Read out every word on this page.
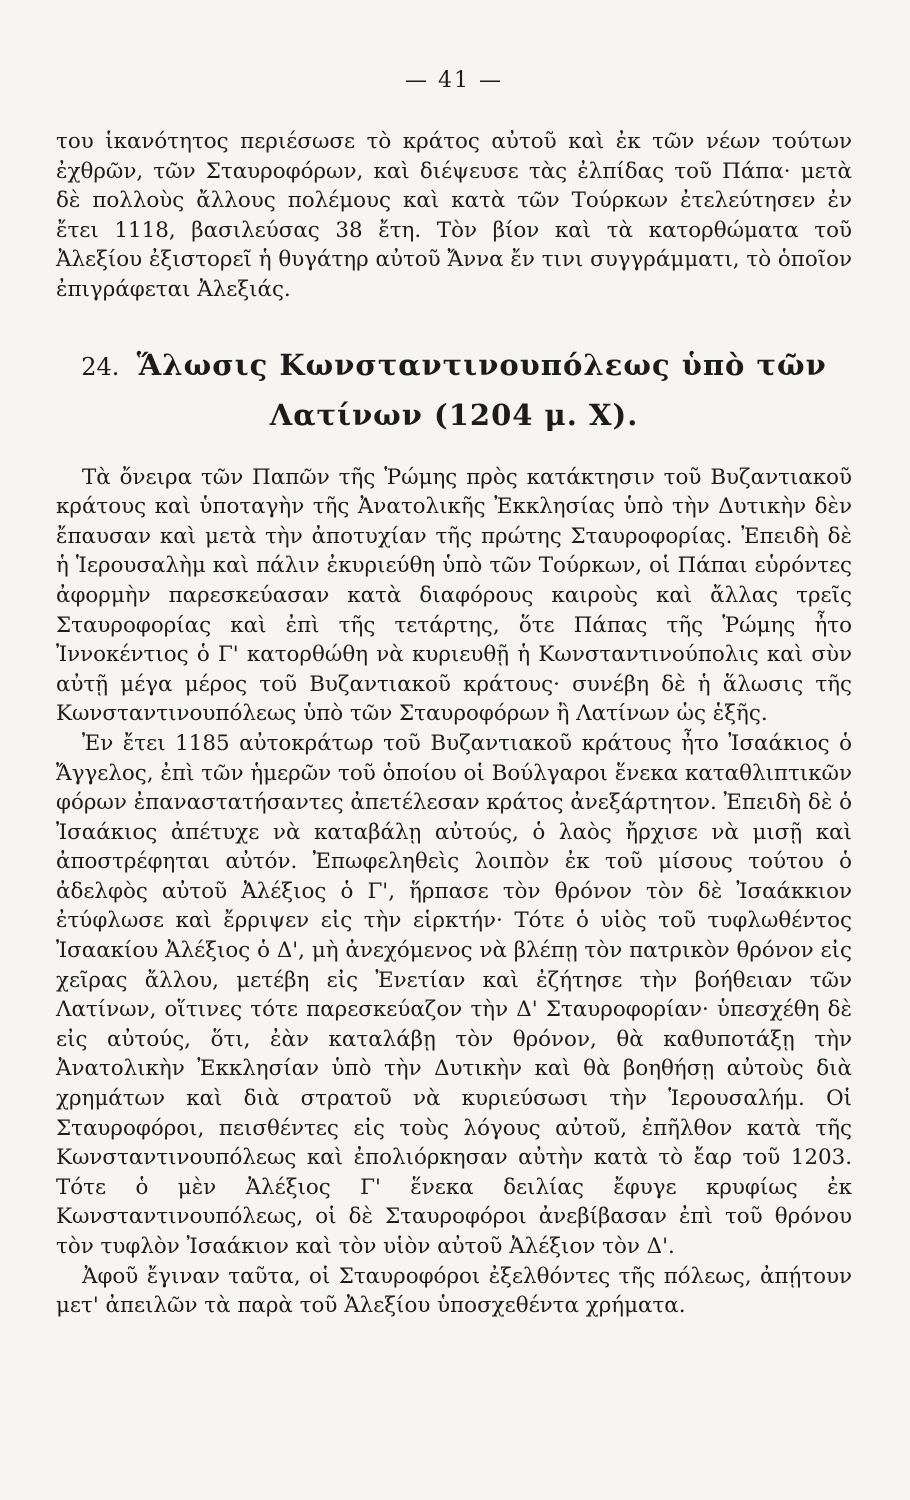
— 41 —

του ἱκανότητος περιέσωσε τὸ κράτος αὐτοῦ καὶ ἐκ τῶν νέων τούτων ἐχθρῶν, τῶν Σταυροφόρων, καὶ διέψευσε τὰς ἐλπίδας τοῦ Πάπα· μετὰ δὲ πολλοὺς ἄλλους πολέμους καὶ κατὰ τῶν Τούρκων ἐτελεύτησεν ἐν ἔτει 1118, βασιλεύσας 38 ἔτη. Τὸν βίον καὶ τὰ κατορθώματα τοῦ Ἀλεξίου ἐξιστορεῖ ἡ θυγάτηρ αὐτοῦ Ἄννα ἔν τινι συγγράμματι, τὸ ὁποῖον ἐπιγράφεται Ἀλεξιάς.

24. Ἅλωσις Κωνσταντινουπόλεως ὑπὸ τῶν
Λατίνων (1204 μ. Χ).

Τὰ ὄνειρα τῶν Παπῶν τῆς Ῥώμης πρὸς κατάκτησιν τοῦ Βυζαντιακοῦ κράτους καὶ ὑποταγὴν τῆς Ἀνατολικῆς Ἐκκλησίας ὑπὸ τὴν Δυτικὴν δὲν ἔπαυσαν καὶ μετὰ τὴν ἀποτυχίαν τῆς πρώτης Σταυροφορίας. Ἐπειδὴ δὲ ἡ Ἱερουσαλὴμ καὶ πάλιν ἐκυριεύθη ὑπὸ τῶν Τούρκων, οἱ Πάπαι εὑρόντες ἀφορμὴν παρεσκεύασαν κατὰ διαφόρους καιροὺς καὶ ἄλλας τρεῖς Σταυροφορίας καὶ ἐπὶ τῆς τετάρτης, ὅτε Πάπας τῆς Ῥώμης ἦτο Ἰννοκέντιος ὁ Γ' κατορθώθη νὰ κυριευθῇ ἡ Κωνσταντινούπολις καὶ σὺν αὐτῇ μέγα μέρος τοῦ Βυζαντιακοῦ κράτους· συνέβη δὲ ἡ ἅλωσις τῆς Κωνσταντινουπόλεως ὑπὸ τῶν Σταυροφόρων ἢ Λατίνων ὡς ἑξῆς.

Ἐν ἔτει 1185 αὐτοκράτωρ τοῦ Βυζαντιακοῦ κράτους ἦτο Ἰσαάκιος ὁ Ἄγγελος, ἐπὶ τῶν ἡμερῶν τοῦ ὁποίου οἱ Βούλγαροι ἕνεκα καταθλιπτικῶν φόρων ἐπαναστατήσαντες ἀπετέλεσαν κράτος ἀνεξάρτητον. Ἐπειδὴ δὲ ὁ Ἰσαάκιος ἀπέτυχε νὰ καταβάλῃ αὐτούς, ὁ λαὸς ἤρχισε νὰ μισῇ καὶ ἀποστρέφηται αὐτόν. Ἐπωφεληθεὶς λοιπὸν ἐκ τοῦ μίσους τούτου ὁ ἀδελφὸς αὐτοῦ Ἀλέξιος ὁ Γ', ἥρπασε τὸν θρόνον τὸν δὲ Ἰσαάκκιον ἐτύφλωσε καὶ ἔρριψεν εἰς τὴν εἱρκτήν· Τότε ὁ υἱὸς τοῦ τυφλωθέντος Ἰσαακίου Ἀλέξιος ὁ Δ', μὴ ἀνεχόμενος νὰ βλέπῃ τὸν πατρικὸν θρόνον εἰς χεῖρας ἄλλου, μετέβη εἰς Ἐνετίαν καὶ ἐζήτησε τὴν βοήθειαν τῶν Λατίνων, οἵτινες τότε παρεσκεύαζον τὴν Δ' Σταυροφορίαν· ὑπεσχέθη δὲ εἰς αὐτούς, ὅτι, ἐὰν καταλάβῃ τὸν θρόνον, θὰ καθυποτάξῃ τὴν Ἀνατολικὴν Ἐκκλησίαν ὑπὸ τὴν Δυτικὴν καὶ θὰ βοηθήσῃ αὐτοὺς διὰ χρημάτων καὶ διὰ στρατοῦ νὰ κυριεύσωσι τὴν Ἱερουσαλήμ. Οἱ Σταυροφόροι, πεισθέντες εἰς τοὺς λόγους αὐτοῦ, ἐπῆλθον κατὰ τῆς Κωνσταντινουπόλεως καὶ ἐπολιόρκησαν αὐτὴν κατὰ τὸ ἔαρ τοῦ 1203. Τότε ὁ μὲν Ἀλέξιος Γ' ἕνεκα δειλίας ἔφυγε κρυφίως ἐκ Κωνσταντινουπόλεως, οἱ δὲ Σταυροφόροι ἀνεβίβασαν ἐπὶ τοῦ θρόνου τὸν τυφλὸν Ἰσαάκιον καὶ τὸν υἱὸν αὐτοῦ Ἀλέξιον τὸν Δ'.

Ἀφοῦ ἔγιναν ταῦτα, οἱ Σταυροφόροι ἐξελθόντες τῆς πόλεως, ἀπῄτουν μετ' ἀπειλῶν τὰ παρὰ τοῦ Ἀλεξίου ὑποσχεθέντα χρήματα.
